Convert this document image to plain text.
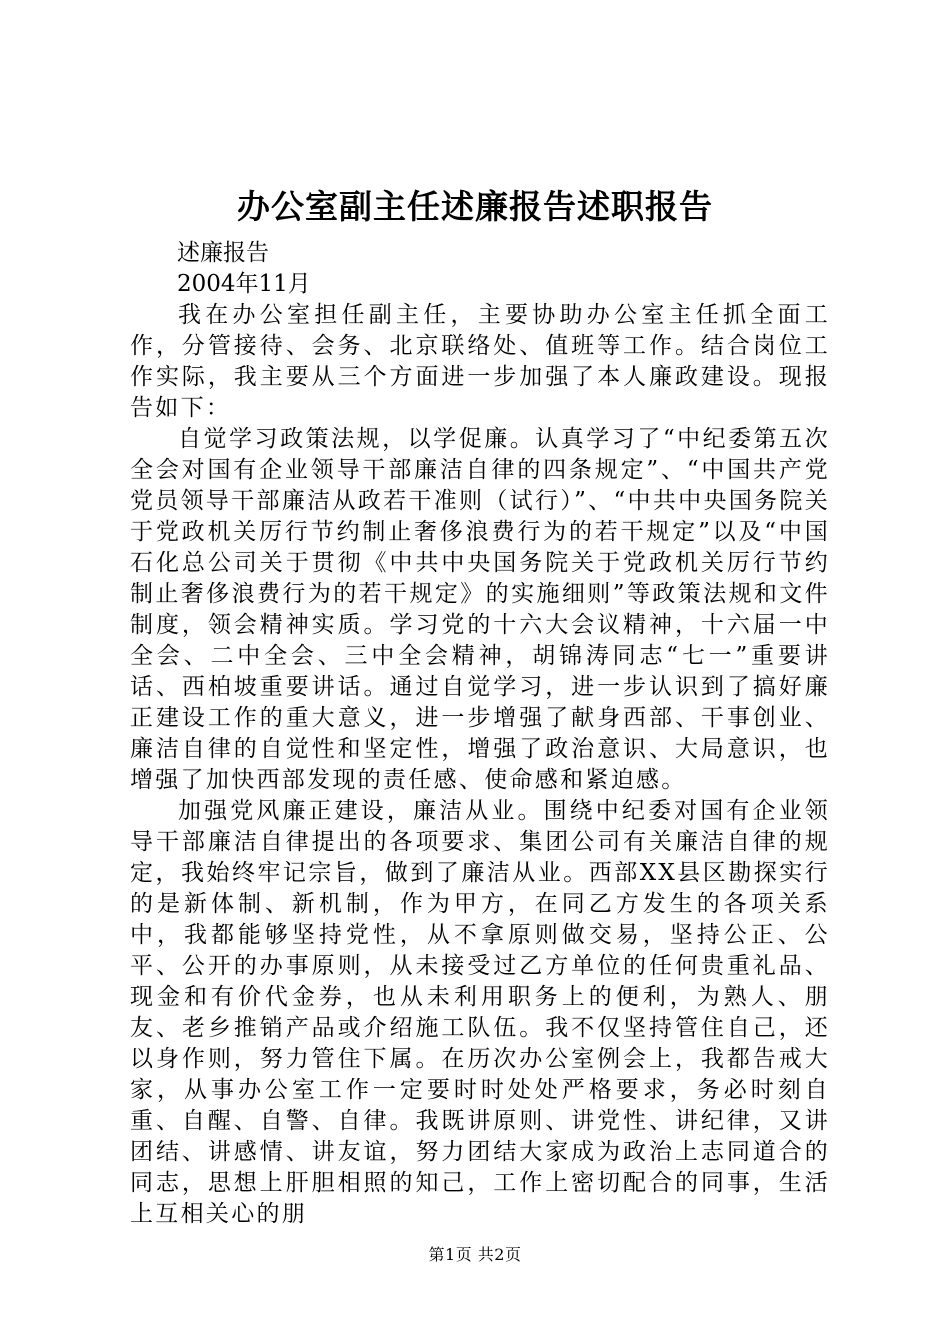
办公室副主任述廉报告述职报告
述廉报告
2004年11月

我在办公室担任副主任，主要协助办公室主任抓全面工作，分管接待、会务、北京联络处、值班等工作。结合岗位工作实际，我主要从三个方面进一步加强了本人廉政建设。现报告如下：

自觉学习政策法规，以学促廉。认真学习了“中纪委第五次全会对国有企业领导干部廉洁自律的四条规定”、“中国共产党党员领导干部廉洁从政若干准则（试行）”、“中共中央国务院关于党政机关厉行节约制止奢侈浪费行为的若干规定”以及“中国石化总公司关于贯彻《中共中央国务院关于党政机关厉行节约制止奢侈浪费行为的若干规定》的实施细则”等政策法规和文件制度，领会精神实质。学习党的十六大会议精神，十六届一中全会、二中全会、三中全会精神，胡锦涛同志“七一”重要讲话、西柏坡重要讲话。通过自觉学习，进一步认识到了搞好廉正建设工作的重大意义，进一步增强了献身西部、干事创业、廉洁自律的自觉性和坚定性，增强了政治意识、大局意识，也增强了加快西部发现的责任感、使命感和紧迫感。

加强党风廉正建设，廉洁从业。围绕中纪委对国有企业领导干部廉洁自律提出的各项要求、集团公司有关廉洁自律的规定，我始终牢记宗旨，做到了廉洁从业。西部XX县区勘探实行的是新体制、新机制，作为甲方，在同乙方发生的各项关系中，我都能够坚持党性，从不拿原则做交易，坚持公正、公平、公开的办事原则，从未接受过乙方单位的任何贵重礼品、现金和有价代金券，也从未利用职务上的便利，为熟人、朋友、老乡推销产品或介绍施工队伍。我不仅坚持管住自己，还以身作则，努力管住下属。在历次办公室例会上，我都告戒大家，从事办公室工作一定要时时处处严格要求，务必时刻自重、自醒、自警、自律。我既讲原则、讲党性、讲纪律，又讲团结、讲感情、讲友谊，努力团结大家成为政治上志同道合的同志，思想上肝胆相照的知己，工作上密切配合的同事，生活上互相关心的朋

第1页 共2页
